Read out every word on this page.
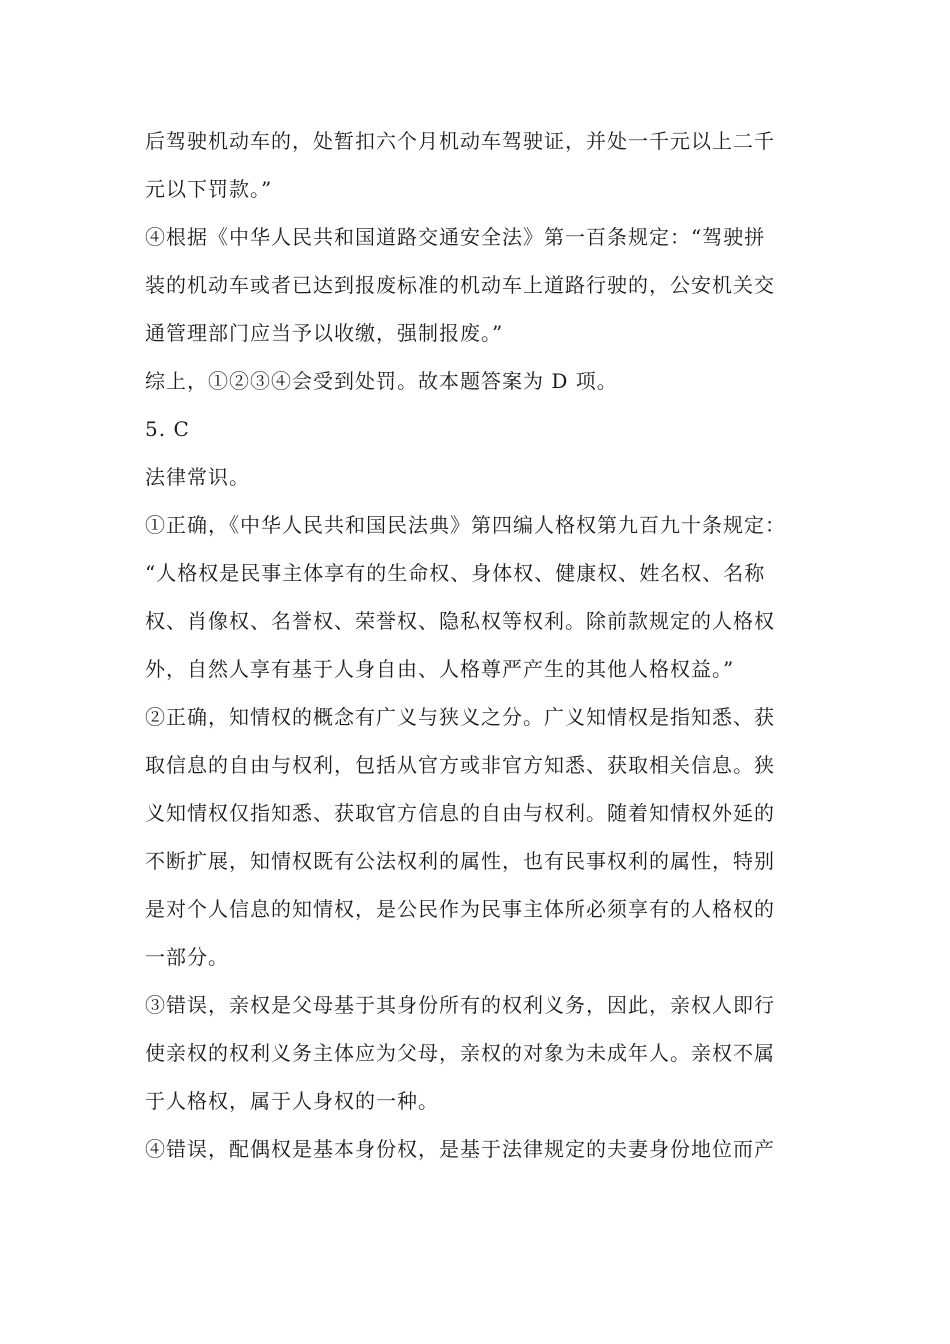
后驾驶机动车的，处暂扣六个月机动车驾驶证，并处一千元以上二千
元以下罚款。”
④根据《中华人民共和国道路交通安全法》第一百条规定：“驾驶拼
装的机动车或者已达到报废标准的机动车上道路行驶的，公安机关交
通管理部门应当予以收缴，强制报废。”
综上，①②③④会受到处罚。故本题答案为 D 项。
5. C
法律常识。
①正确，《中华人民共和国民法典》第四编人格权第九百九十条规定：
“人格权是民事主体享有的生命权、身体权、健康权、姓名权、名称
权、肖像权、名誉权、荣誉权、隐私权等权利。除前款规定的人格权
外，自然人享有基于人身自由、人格尊严产生的其他人格权益。”
②正确，知情权的概念有广义与狭义之分。广义知情权是指知悉、获
取信息的自由与权利，包括从官方或非官方知悉、获取相关信息。狭
义知情权仅指知悉、获取官方信息的自由与权利。随着知情权外延的
不断扩展，知情权既有公法权利的属性，也有民事权利的属性，特别
是对个人信息的知情权，是公民作为民事主体所必须享有的人格权的
一部分。
③错误，亲权是父母基于其身份所有的权利义务，因此，亲权人即行
使亲权的权利义务主体应为父母，亲权的对象为未成年人。亲权不属
于人格权，属于人身权的一种。
④错误，配偶权是基本身份权，是基于法律规定的夫妻身份地位而产
